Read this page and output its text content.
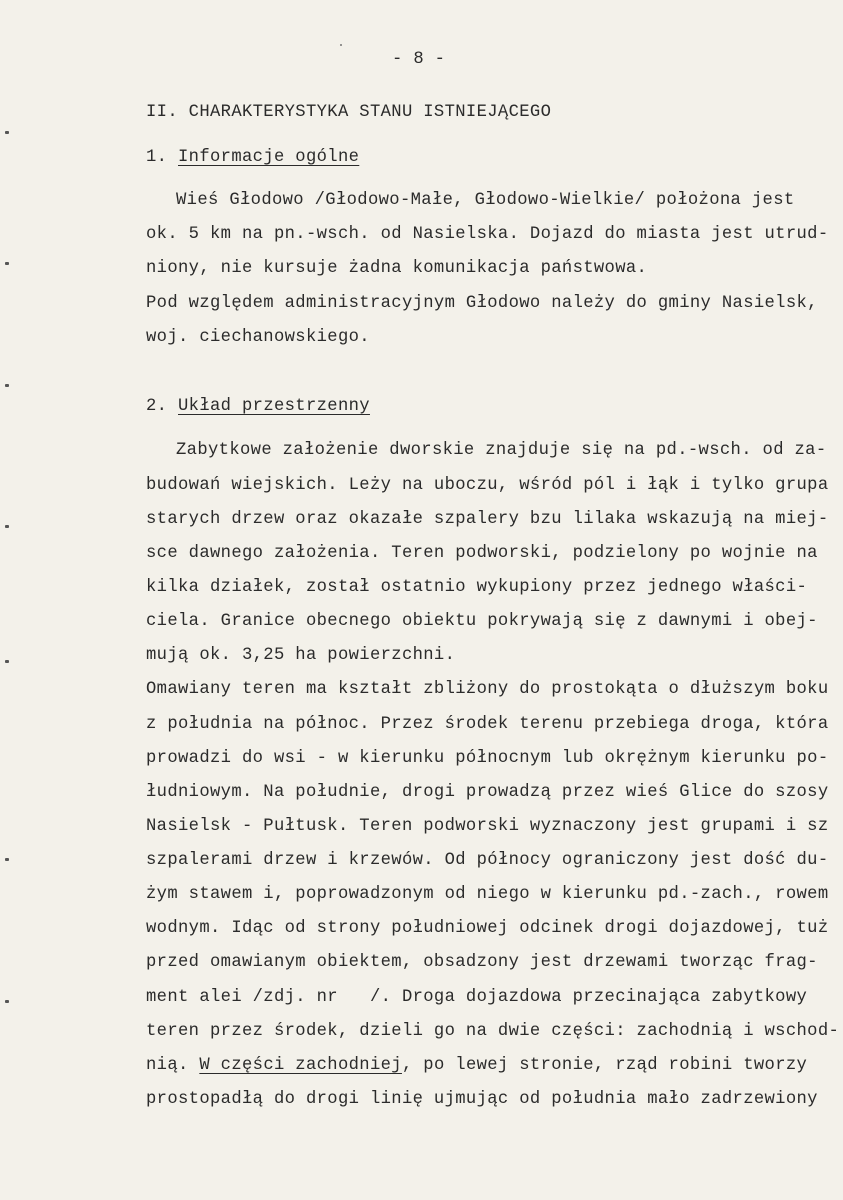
- 8 -
II. CHARAKTERYSTYKA STANU ISTNIEJĄCEGO
1. Informacje ogólne
Wieś Głodowo /Głodowo-Małe, Głodowo-Wielkie/ położona jest
ok. 5 km na pn.-wsch. od Nasielska. Dojazd do miasta jest utrud-
niony, nie kursuje żadna komunikacja państwowa.
Pod względem administracyjnym Głodowo należy do gminy Nasielsk,
woj. ciechanowskiego.
2. Układ przestrzenny
Zabytkowe założenie dworskie znajduje się na pd.-wsch. od za-
budowań wiejskich. Leży na uboczu, wśród pól i łąk i tylko grupa
starych drzew oraz okazałe szpalery bzu lilaka wskazują na miej-
sce dawnego założenia. Teren podworski, podzielony po wojnie na
kilka działek, został ostatnio wykupiony przez jednego właści-
ciela. Granice obecnego obiektu pokrywają się z dawnymi i obej-
mują ok. 3,25 ha powierzchni.
Omawiany teren ma kształt zbliżony do prostokąta o dłuższym boku
z południa na północ. Przez środek terenu przebiega droga, która
prowadzi do wsi - w kierunku północnym lub okrężnym kierunku po-
łudniowym. Na południe, drogi prowadzą przez wieś Glice do szosy
Nasielsk - Pułtusk. Teren podworski wyznaczony jest grupami i sz
szpalerami drzew i krzewów. Od północy ograniczony jest dość du-
żym stawem i, poprowadzonym od niego w kierunku pd.-zach., rowem
wodnym. Idąc od strony południowej odcinek drogi dojazdowej, tuż
przed omawianym obiektem, obsadzony jest drzewami tworząc frag-
ment alei /zdj. nr   /. Droga dojazdowa przecinająca zabytkowy
teren przez środek, dzieli go na dwie części: zachodnią i wschod-
nią. W części zachodniej, po lewej stronie, rząd robini tworzy
prostopadłą do drogi linię ujmując od południa mało zadrzewiony
